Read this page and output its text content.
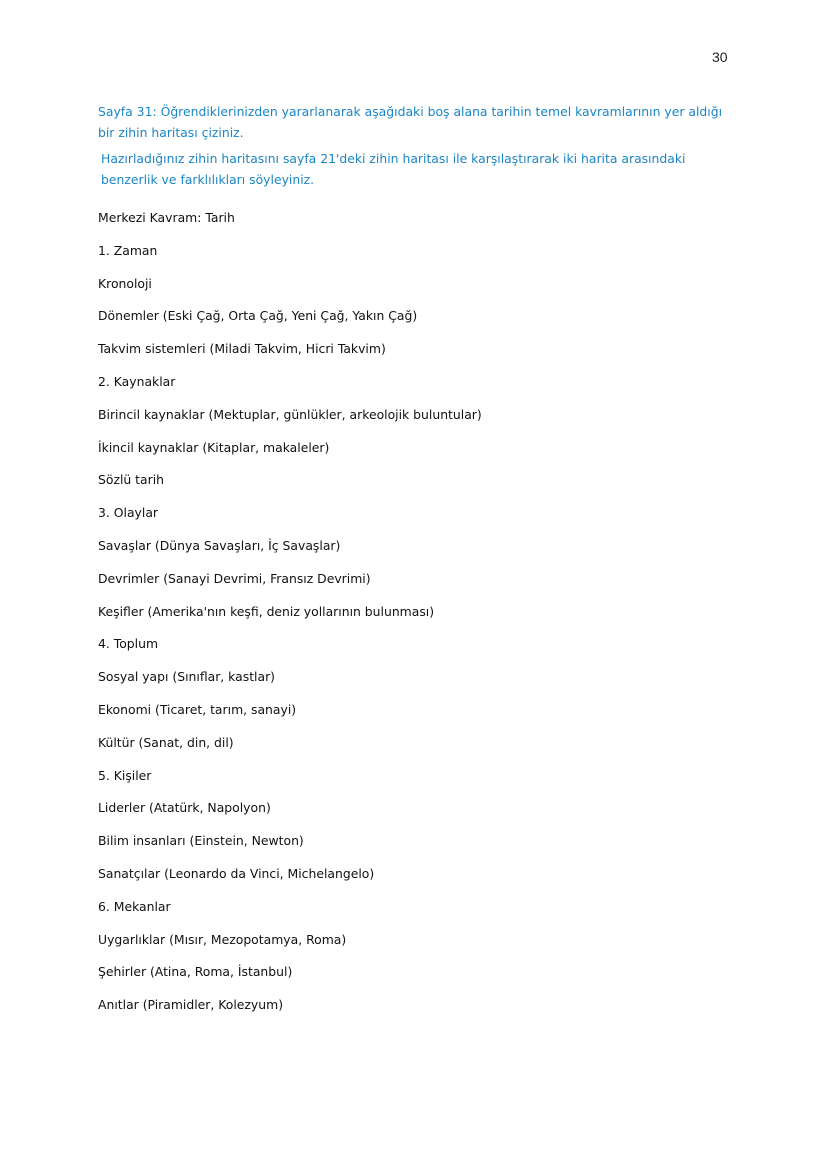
30

Sayfa 31: Öğrendiklerinizden yararlanarak aşağıdaki boş alana tarihin temel kavramlarının yer aldığı bir zihin haritası çiziniz.

Hazırladığınız zihin haritasını sayfa 21'deki zihin haritası ile karşılaştırarak iki harita arasındaki benzerlik ve farklılıkları söyleyiniz.

Merkezi Kavram: Tarih
1. Zaman
Kronoloji
Dönemler (Eski Çağ, Orta Çağ, Yeni Çağ, Yakın Çağ)
Takvim sistemleri (Miladi Takvim, Hicri Takvim)
2. Kaynaklar
Birincil kaynaklar (Mektuplar, günlükler, arkeolojik buluntular)
İkincil kaynaklar (Kitaplar, makaleler)
Sözlü tarih
3. Olaylar
Savaşlar (Dünya Savaşları, İç Savaşlar)
Devrimler (Sanayi Devrimi, Fransız Devrimi)
Keşifler (Amerika'nın keşfi, deniz yollarının bulunması)
4. Toplum
Sosyal yapı (Sınıflar, kastlar)
Ekonomi (Ticaret, tarım, sanayi)
Kültür (Sanat, din, dil)
5. Kişiler
Liderler (Atatürk, Napolyon)
Bilim insanları (Einstein, Newton)
Sanatçılar (Leonardo da Vinci, Michelangelo)
6. Mekanlar
Uygarlıklar (Mısır, Mezopotamya, Roma)
Şehirler (Atina, Roma, İstanbul)
Anıtlar (Piramidler, Kolezyum)
